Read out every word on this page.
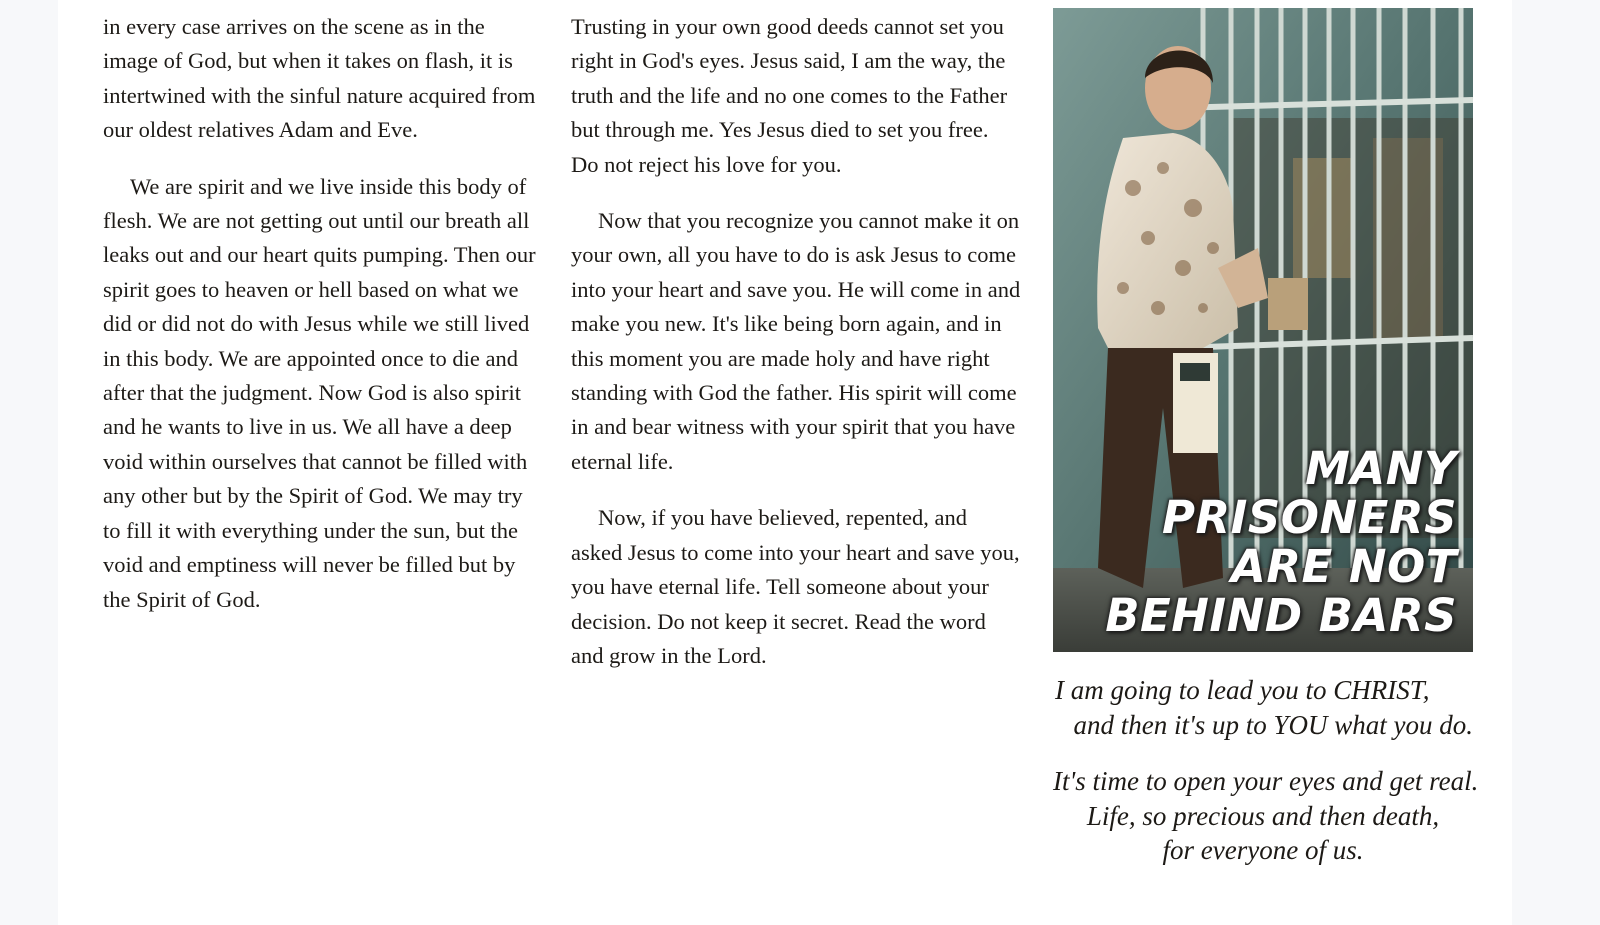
in every case arrives on the scene as in the image of God, but when it takes on flash, it is intertwined with the sinful nature acquired from our oldest relatives Adam and Eve.

We are spirit and we live inside this body of flesh. We are not getting out until our breath all leaks out and our heart quits pumping. Then our spirit goes to heaven or hell based on what we did or did not do with Jesus while we still lived in this body. We are appointed once to die and after that the judgment. Now God is also spirit and he wants to live in us. We all have a deep void within ourselves that cannot be filled with any other but by the Spirit of God. We may try to fill it with everything under the sun, but the void and emptiness will never be filled but by the Spirit of God.

Trusting in your own good deeds cannot set you right in God's eyes. Jesus said, I am the way, the truth and the life and no one comes to the Father but through me. Yes Jesus died to set you free. Do not reject his love for you.

Now that you recognize you cannot make it on your own, all you have to do is ask Jesus to come into your heart and save you. He will come in and make you new. It's like being born again, and in this moment you are made holy and have right standing with God the father. His spirit will come in and bear witness with your spirit that you have eternal life.

Now, if you have believed, repented, and asked Jesus to come into your heart and save you, you have eternal life. Tell someone about your decision. Do not keep it secret. Read the word and grow in the Lord.

MANY
PRISONERS
ARE NOT
BEHIND BARS
I am going to lead you to CHRIST,
and then it's up to YOU what you do.
It's time to open your eyes and get real.
Life, so precious and then death,
for everyone of us.
